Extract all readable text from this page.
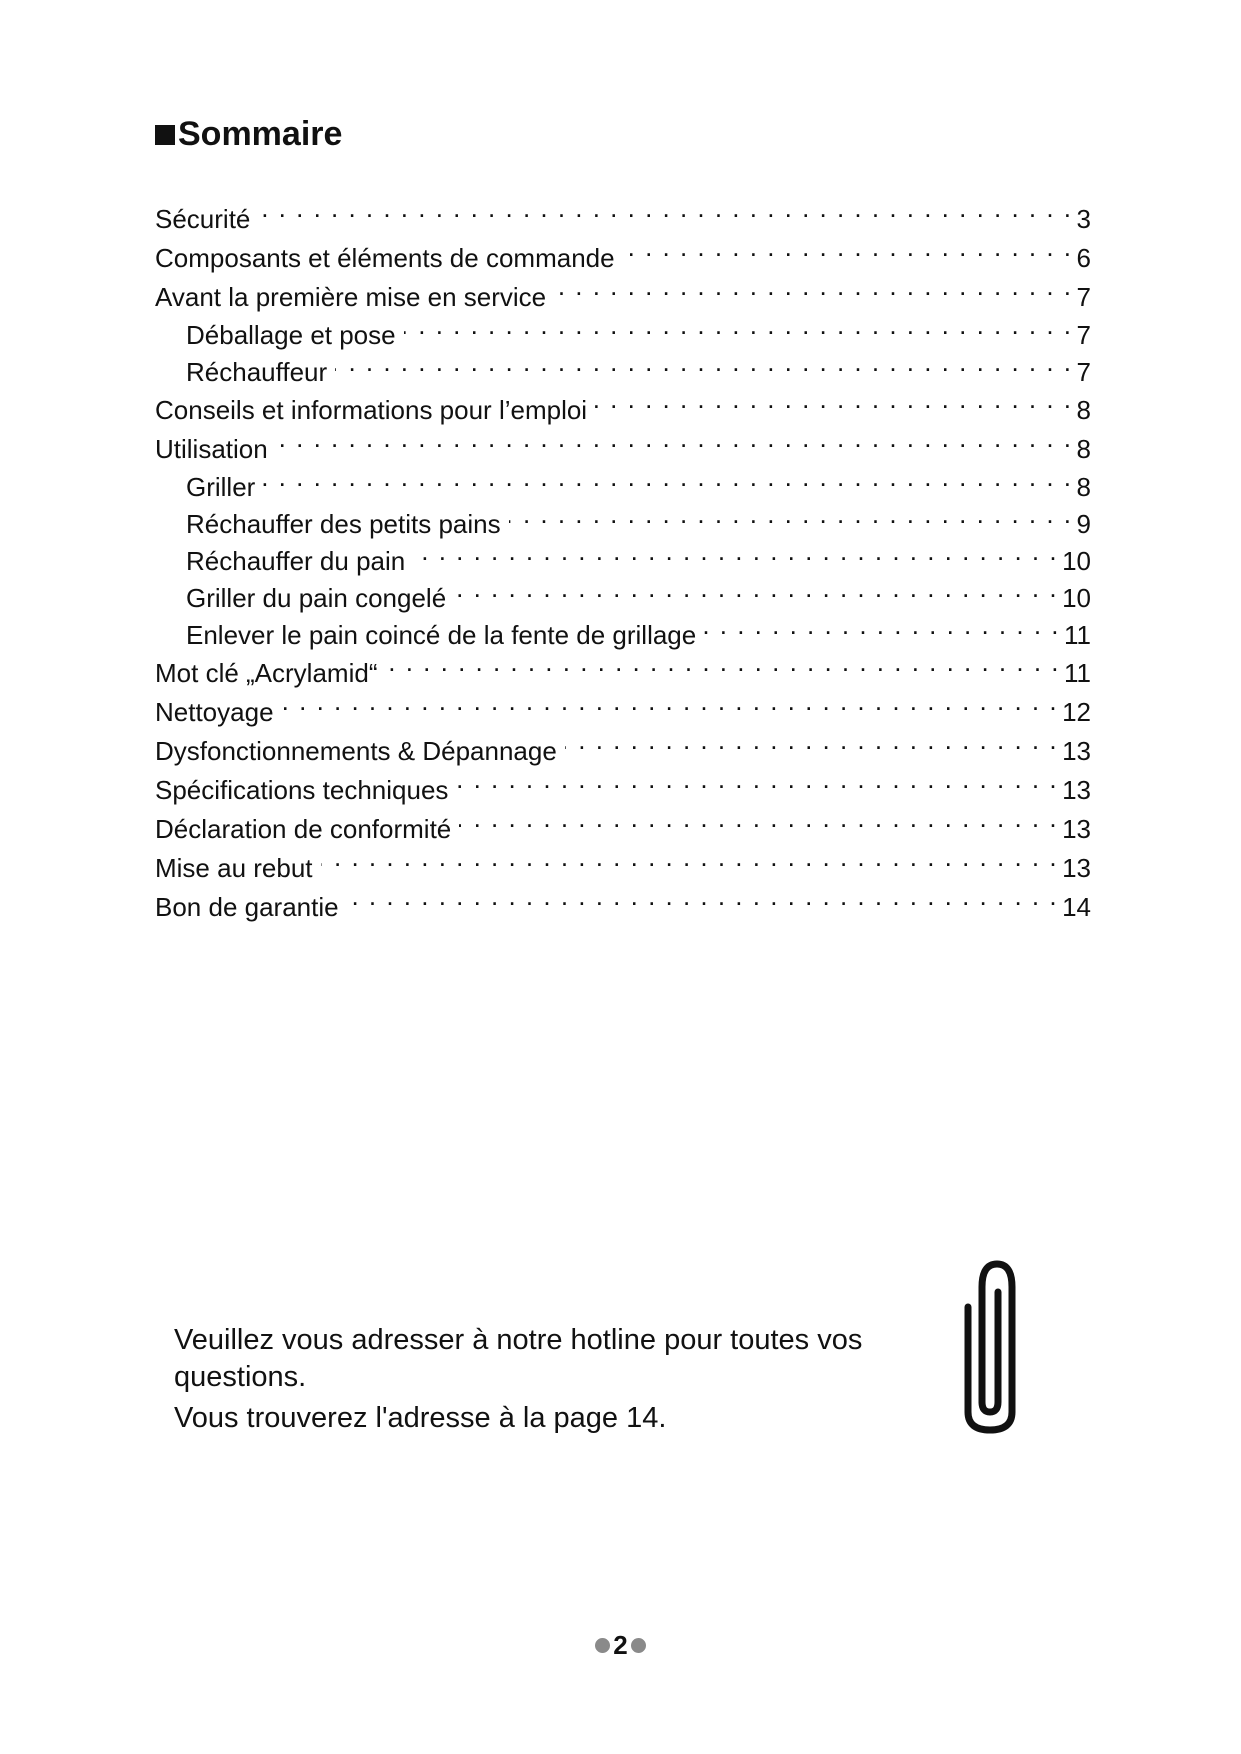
Sommaire
Sécurité . . .	3
Composants et éléments de commande . . .	6
Avant la première mise en service . . .	7
Déballage et pose . . .	7
Réchauffeur . . .	7
Conseils et informations pour l’emploi . . .	8
Utilisation . . .	8
Griller . . .	8
Réchauffer des petits pains . . .	9
Réchauffer du pain . . .	10
Griller du pain congelé . . .	10
Enlever le pain coincé de la fente de grillage . . .	11
Mot clé „Acrylamid“ . . .	11
Nettoyage . . .	12
Dysfonctionnements & Dépannage . . .	13
Spécifications techniques . . .	13
Déclaration de conformité . . .	13
Mise au rebut . . .	13
Bon de garantie . . .	14

Veuillez vous adresser à notre hotline pour toutes vos questions.

Vous trouverez l'adresse à la page 14.

2
